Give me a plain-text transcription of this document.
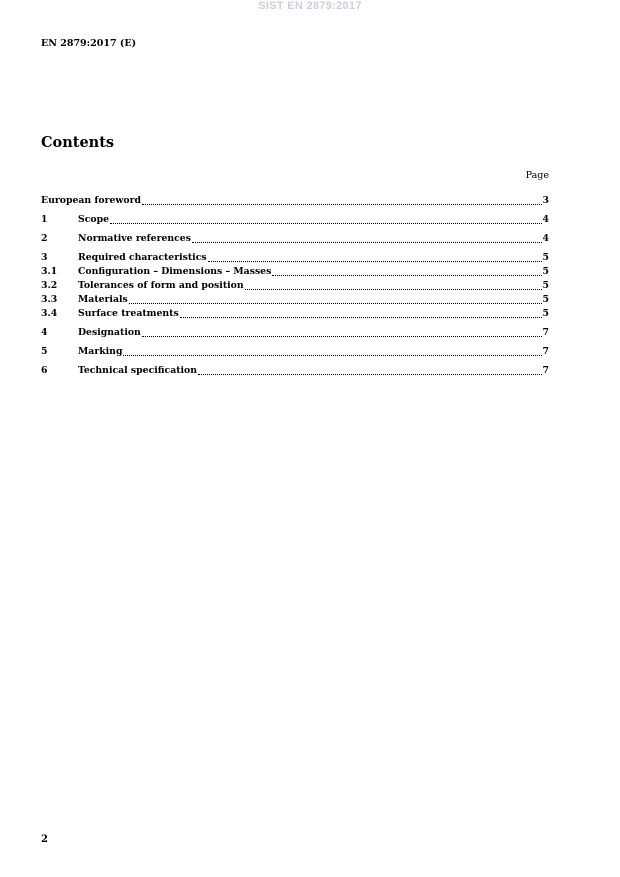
SIST EN 2879:2017
EN 2879:2017 (E)
Contents
Page
European foreword	3
1	Scope	4
2	Normative references	4
3	Required characteristics	5
3.1	Configuration – Dimensions – Masses	5
3.2	Tolerances of form and position	5
3.3	Materials	5
3.4	Surface treatments	5
4	Designation	7
5	Marking	7
6	Technical specification	7
2
